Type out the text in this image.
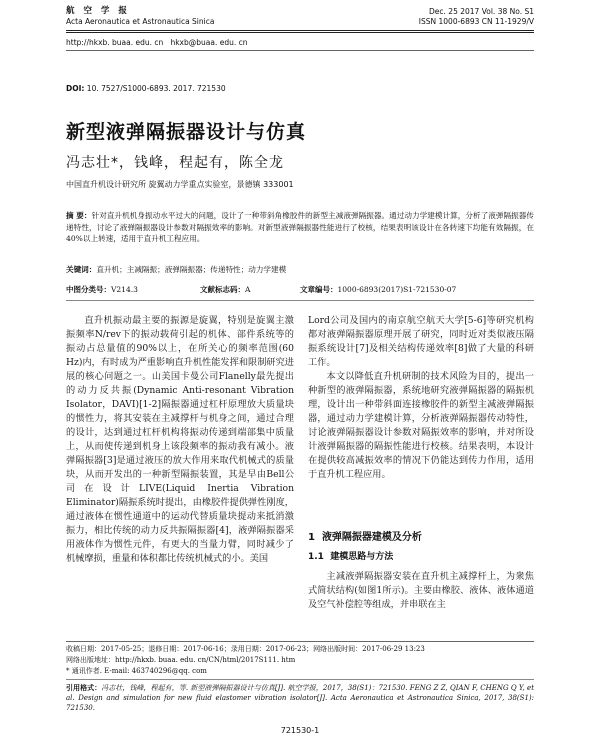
航 空 学 报
Acta Aeronautica et Astronautica Sinica
Dec. 25 2017 Vol. 38 No. S1
ISSN 1000-6893 CN 11-1929/V
http://hkxb. buaa. edu. cn hkxb@buaa. edu. cn
DOI: 10. 7527/S1000-6893. 2017. 721530
新型液弹隔振器设计与仿真
冯志壮*，钱峰，程起有，陈全龙
中国直升机设计研究所 旋翼动力学重点实验室，景德镇 333001
摘 要：针对直升机机身振动水平过大的问题，设计了一种带斜角橡胶件的新型主减液弹隔振器。通过动力学建模计算，分析了液弹隔振器传递特性，讨论了液弹隔振器设计参数对隔振效率的影响。对新型液弹隔振器性能进行了校核，结果表明该设计在各转速下均能有效隔振，在40%以上转速，适用于直升机工程应用。
关键词：直升机；主减隔振；液弹隔振器；传递特性；动力学建模
中图分类号：V214.3	文献标志码：A	文章编号：1000-6893(2017)S1-721530-07
直升机振动最主要的振源是旋翼，特别是旋翼主激振频率N/rev下的振动载荷引起的机体、部件系统等的振动占总量值的90%以上，在所关心的频率范围(60 Hz)内，有时成为严重影响直升机性能发挥和限制研究进展的核心问题之一。山美国卡曼公司Flanelly最先提出的动力反共振(Dynamic Anti-resonant Vibration Isolator，DAVI)[1-2]隔振器通过杠杆原理放大质量块的惯性力，将其安装在主减撑杆与机身之间，通过合理的设计，达到通过杠杆机构将振动传递到端部集中质量上，从而使传递到机身上该段频率的振动我有减小。液弹隔振器[3]是通过液压的放大作用来取代机械式的质量块，从而开发出的一种新型隔振装置，其是早由Bell公司在设计LIVE(Liquid Inertia Vibration Eliminator)隔振系统时提出，由橡胶件提供弹性刚度，通过液体在惯性通道中的运动代替质量块提动来抵消激振力，相比传统的动力反共振隔振器[4]，液弹隔振器采用液体作为惯性元件，有更大的当量力臂，同时减少了机械摩损，重量和体积都比传统机械式的小。美国
Lord公司及国内的南京航空航天大学[5-6]等研究机构都对液弹隔振器原理开展了研究，同时近对类似液压隔振系统设计[7]及相关结构传递效率[8]做了大量的科研工作。
本文以降低直升机研制的技术风险为目的，提出一种新型的液弹隔振器，系统地研究液弹隔振器的隔振机理，设计出一种带斜面连接橡胶件的新型主减液弹隔振器，通过动力学建模计算，分析液弹隔振器传动特性，讨论液弹隔振器设计参数对隔振效率的影响，并对所设计液弹隔振器的隔振性能进行校核。结果表明，本设计在提供较高减振效率的情况下仍能达到传力作用，适用于直升机工程应用。
1 液弹隔振器建模及分析
1.1 建模思路与方法
主减液弹隔振器安装在直升机主减撑杆上，为衆焦式简状结构(如图1所示)。主要由橡胶、液体、液体通道及空气补偿腔等组成，并串联在主
收稿日期：2017-05-25；退修日期：2017-06-16；录用日期：2017-06-23；网络出版时间：2017-06-29 13:23
网络出版地址：http://hkxb. buaa. edu. cn/CN/html/2017S111. htm
* 通讯作者. E-mail: 463740296@qq. com
引用格式：冯志壮，钱峰，程起有，等. 新型液弹隔振器设计与仿真[J]. 航空学报，2017，38(S1)：721530. FENG Z Z, QIAN F, CHENG Q Y, et al. Design and simulation for new fluid elastomer vibration isolator[J]. Acta Aeronautica et Astronautica Sinica, 2017, 38(S1): 721530.
721530-1
